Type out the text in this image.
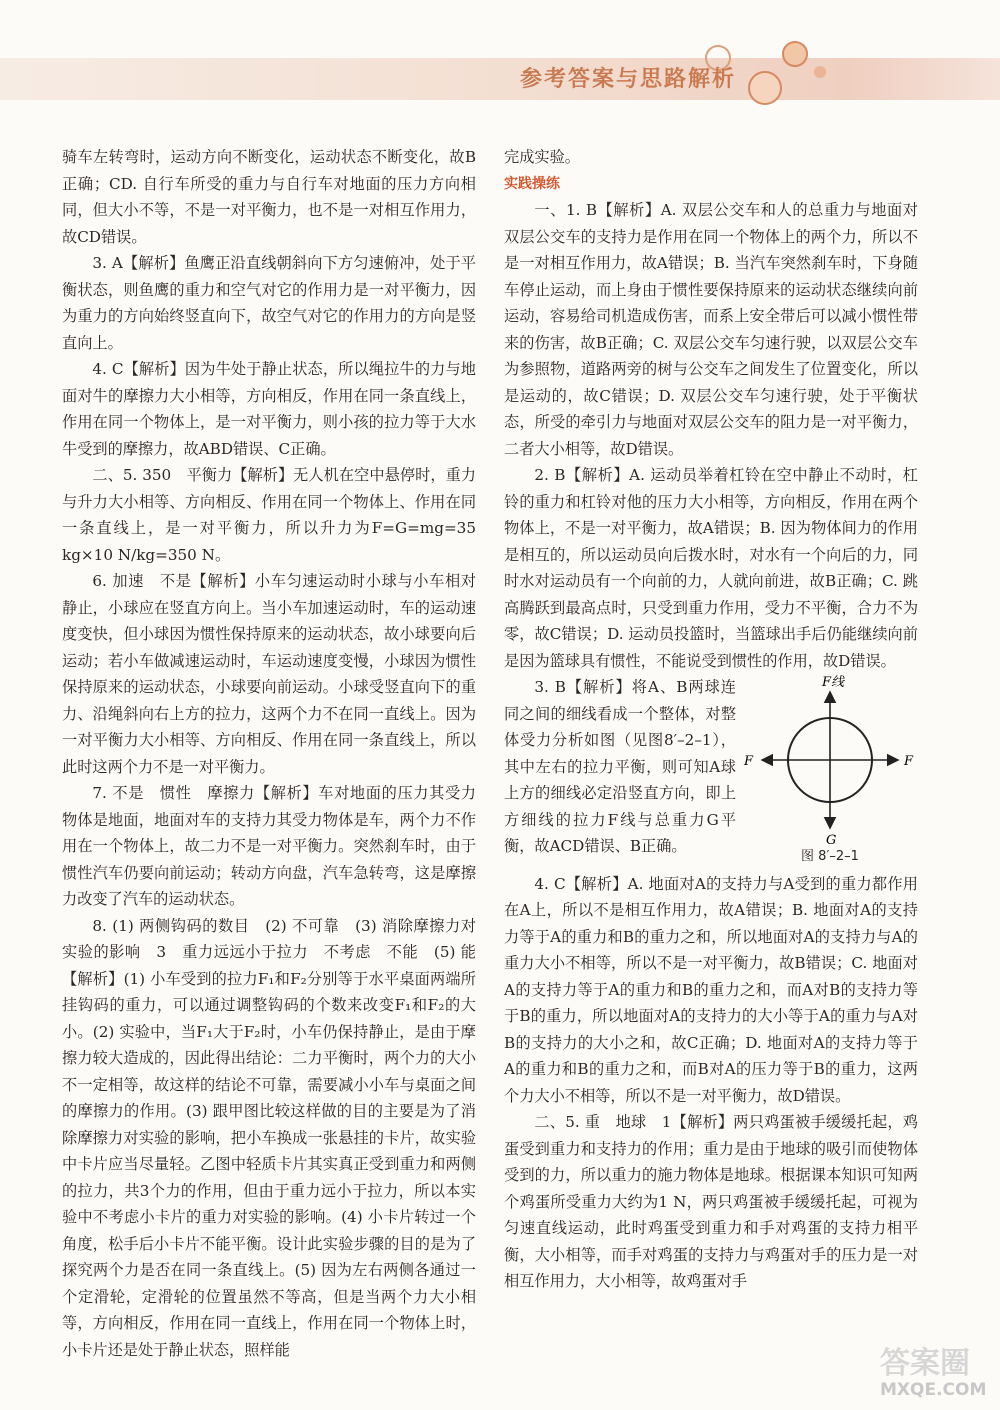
参考答案与思路解析

骑车左转弯时，运动方向不断变化，运动状态不断变化，故B正确；CD. 自行车所受的重力与自行车对地面的压力方向相同，但大小不等，不是一对平衡力，也不是一对相互作用力，故CD错误。

3. A【解析】鱼鹰正沿直线朝斜向下方匀速俯冲，处于平衡状态，则鱼鹰的重力和空气对它的作用力是一对平衡力，因为重力的方向始终竖直向下，故空气对它的作用力的方向是竖直向上。

4. C【解析】因为牛处于静止状态，所以绳拉牛的力与地面对牛的摩擦力大小相等，方向相反，作用在同一条直线上，作用在同一个物体上，是一对平衡力，则小孩的拉力等于大水牛受到的摩擦力，故ABD错误、C正确。

二、5. 350　平衡力【解析】无人机在空中悬停时，重力与升力大小相等、方向相反、作用在同一个物体上、作用在同一条直线上，是一对平衡力，所以升力为F=G=mg=35 kg×10 N/kg=350 N。

6. 加速　不是【解析】小车匀速运动时小球与小车相对静止，小球应在竖直方向上。当小车加速运动时，车的运动速度变快，但小球因为惯性保持原来的运动状态，故小球要向后运动；若小车做减速运动时，车运动速度变慢，小球因为惯性保持原来的运动状态，小球要向前运动。小球受竖直向下的重力、沿绳斜向右上方的拉力，这两个力不在同一直线上。因为一对平衡力大小相等、方向相反、作用在同一条直线上，所以此时这两个力不是一对平衡力。

7. 不是　惯性　摩擦力【解析】车对地面的压力其受力物体是地面，地面对车的支持力其受力物体是车，两个力不作用在一个物体上，故二力不是一对平衡力。突然刹车时，由于惯性汽车仍要向前运动；转动方向盘，汽车急转弯，这是摩擦力改变了汽车的运动状态。

8. (1) 两侧钩码的数目　(2) 不可靠　(3) 消除摩擦力对实验的影响　3　重力远远小于拉力　不考虑　不能　(5) 能【解析】(1) 小车受到的拉力F₁和F₂分别等于水平桌面两端所挂钩码的重力，可以通过调整钩码的个数来改变F₁和F₂的大小。(2) 实验中，当F₁大于F₂时，小车仍保持静止，是由于摩擦力较大造成的，因此得出结论：二力平衡时，两个力的大小不一定相等，故这样的结论不可靠，需要减小小车与桌面之间的摩擦力的作用。(3) 跟甲图比较这样做的目的主要是为了消除摩擦力对实验的影响，把小车换成一张悬挂的卡片，故实验中卡片应当尽量轻。乙图中轻质卡片其实真正受到重力和两侧的拉力，共3个力的作用，但由于重力远小于拉力，所以本实验中不考虑小卡片的重力对实验的影响。(4) 小卡片转过一个角度，松手后小卡片不能平衡。设计此实验步骤的目的是为了探究两个力是否在同一条直线上。(5) 因为左右两侧各通过一个定滑轮，定滑轮的位置虽然不等高，但是当两个力大小相等，方向相反，作用在同一直线上，作用在同一个物体上时，小卡片还是处于静止状态，照样能

完成实验。

实践操练

一、1. B【解析】A. 双层公交车和人的总重力与地面对双层公交车的支持力是作用在同一个物体上的两个力，所以不是一对相互作用力，故A错误；B. 当汽车突然刹车时，下身随车停止运动，而上身由于惯性要保持原来的运动状态继续向前运动，容易给司机造成伤害，而系上安全带后可以减小惯性带来的伤害，故B正确；C. 双层公交车匀速行驶，以双层公交车为参照物，道路两旁的树与公交车之间发生了位置变化，所以是运动的，故C错误；D. 双层公交车匀速行驶，处于平衡状态，所受的牵引力与地面对双层公交车的阻力是一对平衡力，二者大小相等，故D错误。

2. B【解析】A. 运动员举着杠铃在空中静止不动时，杠铃的重力和杠铃对他的压力大小相等，方向相反，作用在两个物体上，不是一对平衡力，故A错误；B. 因为物体间力的作用是相互的，所以运动员向后拨水时，对水有一个向后的力，同时水对运动员有一个向前的力，人就向前进，故B正确；C. 跳高腾跃到最高点时，只受到重力作用，受力不平衡，合力不为零，故C错误；D. 运动员投篮时，当篮球出手后仍能继续向前是因为篮球具有惯性，不能说受到惯性的作用，故D错误。

3. B【解析】将A、B两球连同之间的细线看成一个整体，对整体受力分析如图（见图8′–2–1），其中左右的拉力平衡，则可知A球上方的细线必定沿竖直方向，即上方细线的拉力F线与总重力G平衡，故ACD错误、B正确。

F线
F	F
G
图 8′–2–1

4. C【解析】A. 地面对A的支持力与A受到的重力都作用在A上，所以不是相互作用力，故A错误；B. 地面对A的支持力等于A的重力和B的重力之和，所以地面对A的支持力与A的重力大小不相等，所以不是一对平衡力，故B错误；C. 地面对A的支持力等于A的重力和B的重力之和，而A对B的支持力等于B的重力，所以地面对A的支持力的大小等于A的重力与A对B的支持力的大小之和，故C正确；D. 地面对A的支持力等于A的重力和B的重力之和，而B对A的压力等于B的重力，这两个力大小不相等，所以不是一对平衡力，故D错误。

二、5. 重　地球　1【解析】两只鸡蛋被手缓缓托起，鸡蛋受到重力和支持力的作用；重力是由于地球的吸引而使物体受到的力，所以重力的施力物体是地球。根据课本知识可知两个鸡蛋所受重力大约为1 N，两只鸡蛋被手缓缓托起，可视为匀速直线运动，此时鸡蛋受到重力和手对鸡蛋的支持力相平衡，大小相等，而手对鸡蛋的支持力与鸡蛋对手的压力是一对相互作用力，大小相等，故鸡蛋对手

答案圈
MXQE.COM
